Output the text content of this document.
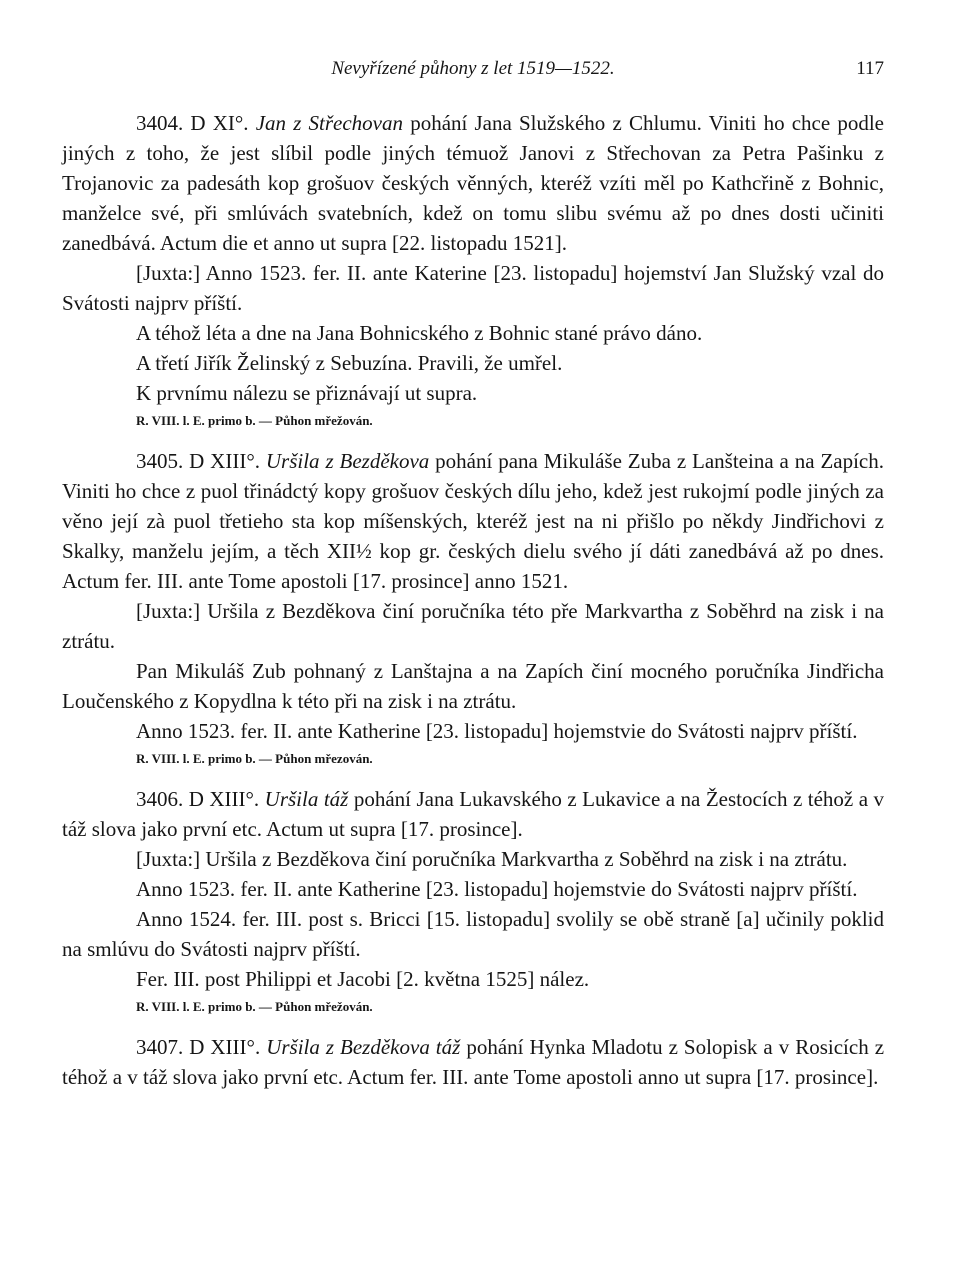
Nevyřízené půhony z let 1519—1522.	117

3404. D XI°. Jan z Střechovan pohání Jana Služského z Chlumu. Viniti ho chce podle jiných z toho, že jest slíbil podle jiných témuož Janovi z Střechovan za Petra Pašinku z Trojanovic za padesáth kop grošuov českých věnných, kteréž vzíti měl po Kathcřině z Bohnic, manželce své, při smlúvách svatebních, kdež on tomu slibu svému až po dnes dosti učiniti zanedbává. Actum die et anno ut supra [22. listopadu 1521].

[Juxta:] Anno 1523. fer. II. ante Katerine [23. listopadu] hojemství Jan Služský vzal do Svátosti najprv příští.

A téhož léta a dne na Jana Bohnicského z Bohnic stané právo dáno.

A třetí Jiřík Želinský z Sebuzína. Pravili, že umřel.

K prvnímu nálezu se přiznávají ut supra.

R. VIII. l. E. primo b. — Půhon mřežován.

3405. D XIII°. Uršila z Bezděkova pohání pana Mikuláše Zuba z Lanšteina a na Zapích. Viniti ho chce z puol třinádctý kopy grošuov českých dílu jeho, kdež jest rukojmí podle jiných za věno její zà puol třetieho sta kop míšenských, kteréž jest na ni přišlo po někdy Jindřichovi z Skalky, manželu jejím, a těch XII½ kop gr. českých dielu svého jí dáti zanedbává až po dnes. Actum fer. III. ante Tome apostoli [17. prosince] anno 1521.

[Juxta:] Uršila z Bezděkova činí poručníka této pře Markvartha z Soběhrd na zisk i na ztrátu.

Pan Mikuláš Zub pohnaný z Lanštajna a na Zapích činí mocného poručníka Jindřicha Loučenského z Kopydlna k této při na zisk i na ztrátu.

Anno 1523. fer. II. ante Katherine [23. listopadu] hojemstvie do Svátosti najprv příští.

R. VIII. l. E. primo b. — Půhon mřezován.

3406. D XIII°. Uršila táž pohání Jana Lukavského z Lukavice a na Žestocích z téhož a v táž slova jako první etc. Actum ut supra [17. prosince].

[Juxta:] Uršila z Bezděkova činí poručníka Markvartha z Soběhrd na zisk i na ztrátu.

Anno 1523. fer. II. ante Katherine [23. listopadu] hojemstvie do Svátosti najprv příští.

Anno 1524. fer. III. post s. Bricci [15. listopadu] svolily se obě straně [a] učinily poklid na smlúvu do Svátosti najprv příští.

Fer. III. post Philippi et Jacobi [2. května 1525] nález.

R. VIII. l. E. primo b. — Půhon mřežován.

3407. D XIII°. Uršila z Bezděkova táž pohání Hynka Mladotu z Solopisk a v Rosicích z téhož a v táž slova jako první etc. Actum fer. III. ante Tome apostoli anno ut supra [17. prosince].
